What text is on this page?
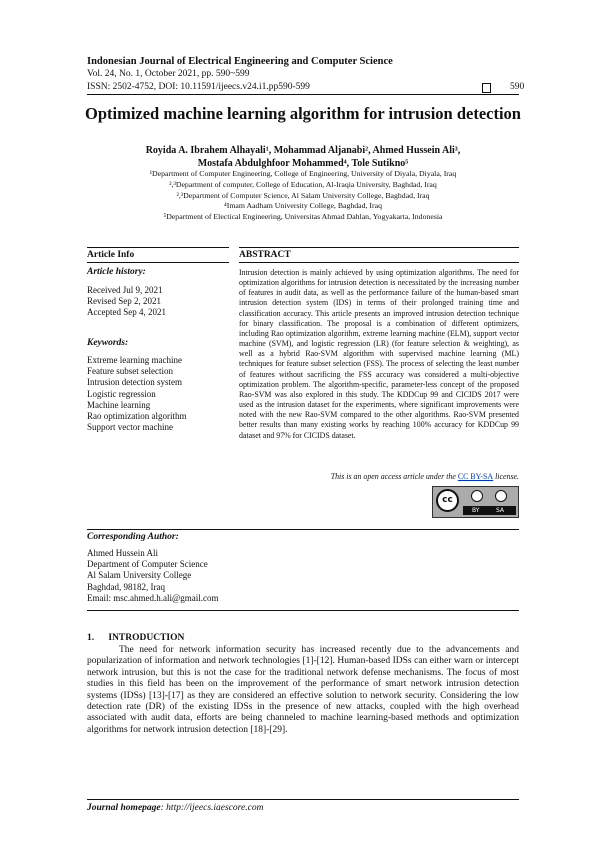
Indonesian Journal of Electrical Engineering and Computer Science
Vol. 24, No. 1, October 2021, pp. 590~599
ISSN: 2502-4752, DOI: 10.11591/ijeecs.v24.i1.pp590-599	590
Optimized machine learning algorithm for intrusion detection
Royida A. Ibrahem Alhayali¹, Mohammad Aljanabi², Ahmed Hussein Ali³,
Mostafa Abdulghfoor Mohammed⁴, Tole Sutikno⁵
¹Department of Computer Engineering, College of Engineering, University of Diyala, Diyala, Iraq
²,³Department of computer, College of Education, Al-Iraqia University, Baghdad, Iraq
²,³Department of Computer Science, Al Salam University College, Baghdad, Iraq
⁴Imam Aadham University College, Baghdad, Iraq
⁵Department of Electical Engineering, Universitas Ahmad Dahlan, Yogyakarta, Indonesia
Article Info	ABSTRACT
Article history:
Received Jul 9, 2021
Revised Sep 2, 2021
Accepted Sep 4, 2021
Keywords:
Extreme learning machine
Feature subset selection
Intrusion detection system
Logistic regression
Machine learning
Rao optimization algorithm
Support vector machine
Intrusion detection is mainly achieved by using optimization algorithms. The need for optimization algorithms for intrusion detection is necessitated by the increasing number of features in audit data, as well as the performance failure of the human-based smart intrusion detection system (IDS) in terms of their prolonged training time and classification accuracy. This article presents an improved intrusion detection technique for binary classification. The proposal is a combination of different optimizers, including Rao optimization algorithm, extreme learning machine (ELM), support vector machine (SVM), and logistic regression (LR) (for feature selection & weighting), as well as a hybrid Rao-SVM algorithm with supervised machine learning (ML) techniques for feature subset selection (FSS). The process of selecting the least number of features without sacrificing the FSS accuracy was considered a multi-objective optimization problem. The algorithm-specific, parameter-less concept of the proposed Rao-SVM was also explored in this study. The KDDCup 99 and CICIDS 2017 were used as the intrusion dataset for the experiments, where significant improvements were noted with the new Rao-SVM compared to the other algorithms. Rao-SVM presented better results than many existing works by reaching 100% accuracy for KDDCup 99 dataset and 97% for CICIDS dataset.
This is an open access article under the CC BY-SA license.
cc
BY	SA
Corresponding Author:
Ahmed Hussein Ali
Department of Computer Science
Al Salam University College
Baghdad, 98182, Iraq
Email: msc.ahmed.h.ali@gmail.com
1.      INTRODUCTION
The need for network information security has increased recently due to the advancements and popularization of information and network technologies [1]-[12]. Human-based IDSs can either warn or intercept network intrusion, but this is not the case for the traditional network defense mechanisms. The focus of most studies in this field has been on the improvement of the performance of smart network intrusion detection systems (IDSs) [13]-[17] as they are considered an effective solution to network security. Considering the low detection rate (DR) of the existing IDSs in the presence of new attacks, coupled with the high overhead associated with audit data, efforts are being channeled to machine learning-based methods and optimization algorithms for network intrusion detection [18]-[29].
Journal homepage: http://ijeecs.iaescore.com
